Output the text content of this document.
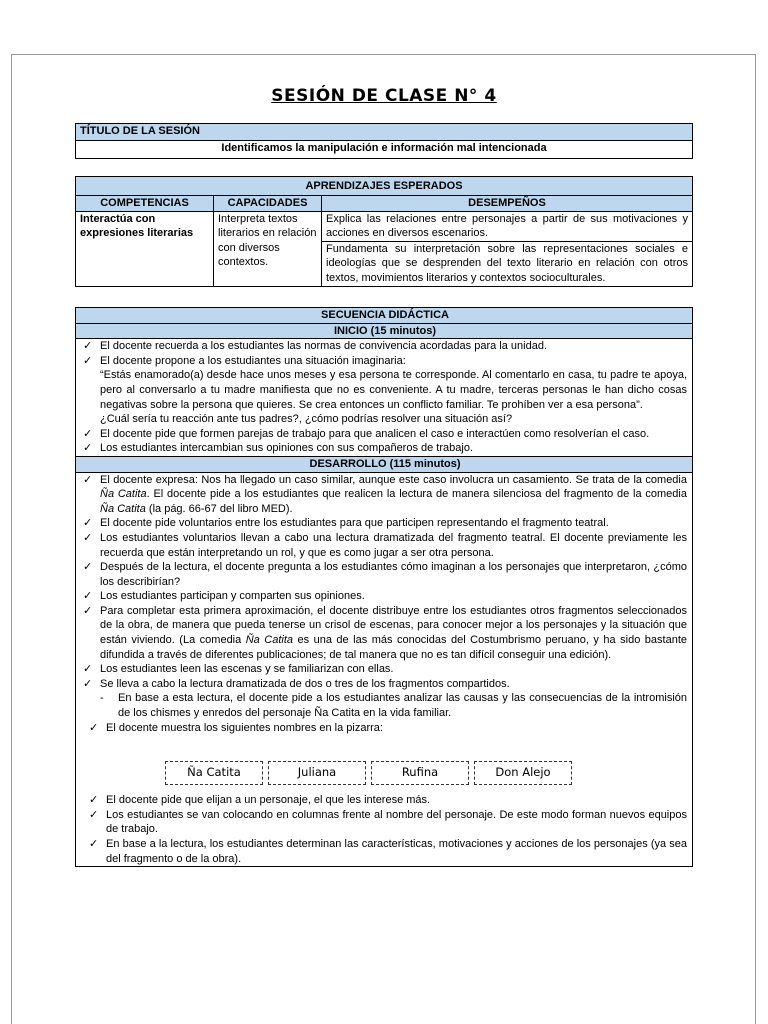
SESIÓN DE CLASE N° 4
TÍTULO DE LA SESIÓN
Identificamos la manipulación e información mal intencionada
APRENDIZAJES ESPERADOS		
COMPETENCIAS	CAPACIDADES	DESEMPEÑOS
Interactúa con expresiones literarias	Interpreta textos literarios en relación con diversos contextos.	Explica las relaciones entre personajes a partir de sus motivaciones y acciones en diversos escenarios.
		Fundamenta su interpretación sobre las representaciones sociales e ideologías que se desprenden del texto literario en relación con otros textos, movimientos literarios y contextos socioculturales.
SECUENCIA DIDÁCTICA
INICIO (15 minutos)

✓ El docente recuerda a los estudiantes las normas de convivencia acordadas para la unidad.
✓ El docente propone a los estudiantes una situación imaginaria:
“Estás enamorado(a) desde hace unos meses y esa persona te corresponde. Al comentarlo en casa, tu padre te apoya, pero al conversarlo a tu madre manifiesta que no es conveniente. A tu madre, terceras personas le han dicho cosas negativas sobre la persona que quieres. Se crea entonces un conflicto familiar. Te prohíben ver a esa persona”.
¿Cuál sería tu reacción ante tus padres?, ¿cómo podrías resolver una situación así?
✓ El docente pide que formen parejas de trabajo para que analicen el caso e interactúen como resolverían el caso.
✓ Los estudiantes intercambian sus opiniones con sus compañeros de trabajo.

DESARROLLO (115 minutos)

✓ El docente expresa: Nos ha llegado un caso similar, aunque este caso involucra un casamiento. Se trata de la comedia Ña Catita. El docente pide a los estudiantes que realicen la lectura de manera silenciosa del fragmento de la comedia Ña Catita (la pág. 66-67 del libro MED).
✓ El docente pide voluntarios entre los estudiantes para que participen representando el fragmento teatral.
✓ Los estudiantes voluntarios llevan a cabo una lectura dramatizada del fragmento teatral. El docente previamente les recuerda que están interpretando un rol, y que es como jugar a ser otra persona.
✓ Después de la lectura, el docente pregunta a los estudiantes cómo imaginan a los personajes que interpretaron, ¿cómo los describirían?
✓ Los estudiantes participan y comparten sus opiniones.
✓ Para completar esta primera aproximación, el docente distribuye entre los estudiantes otros fragmentos seleccionados de la obra, de manera que pueda tenerse un crisol de escenas, para conocer mejor a los personajes y la situación que están viviendo. (La comedia Ña Catita es una de las más conocidas del Costumbrismo peruano, y ha sido bastante difundida a través de diferentes publicaciones; de tal manera que no es tan difícil conseguir una edición).
✓ Los estudiantes leen las escenas y se familiarizan con ellas.
✓ Se lleva a cabo la lectura dramatizada de dos o tres de los fragmentos compartidos.
- En base a esta lectura, el docente pide a los estudiantes analizar las causas y las consecuencias de la intromisión de los chismes y enredos del personaje Ña Catita en la vida familiar.
✓ El docente muestra los siguientes nombres en la pizarra:
Ña Catita	Juliana	Rufina	Don Alejo
✓ El docente pide que elijan a un personaje, el que les interese más.
✓ Los estudiantes se van colocando en columnas frente al nombre del personaje. De este modo forman nuevos equipos de trabajo.
✓ En base a la lectura, los estudiantes determinan las características, motivaciones y acciones de los personajes (ya sea del fragmento o de la obra).
